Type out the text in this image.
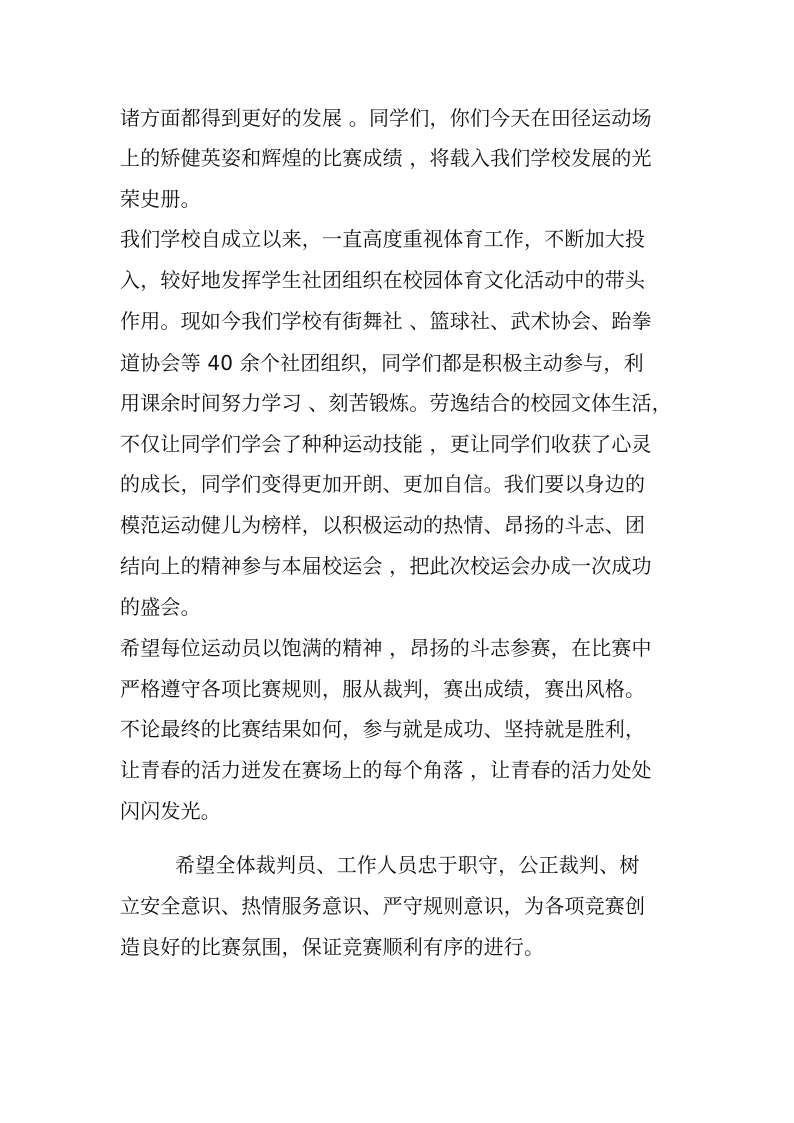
诸方面都得到更好的发展 。同学们，你们今天在田径运动场
上的矫健英姿和辉煌的比赛成绩 ，将载入我们学校发展的光
荣史册。
我们学校自成立以来，一直高度重视体育工作，不断加大投
入，较好地发挥学生社团组织在校园体育文化活动中的带头
作用。现如今我们学校有街舞社 、篮球社、武术协会、跆拳
道协会等 40 余个社团组织，同学们都是积极主动参与，利
用课余时间努力学习 、刻苦锻炼。劳逸结合的校园文体生活，
不仅让同学们学会了种种运动技能 ，更让同学们收获了心灵
的成长，同学们变得更加开朗、更加自信。我们要以身边的
模范运动健儿为榜样，以积极运动的热情、昂扬的斗志、团
结向上的精神参与本届校运会 ，把此次校运会办成一次成功
的盛会。
希望每位运动员以饱满的精神 ，昂扬的斗志参赛，在比赛中
严格遵守各项比赛规则，服从裁判，赛出成绩，赛出风格。
不论最终的比赛结果如何，参与就是成功、坚持就是胜利，
让青春的活力迸发在赛场上的每个角落 ，让青春的活力处处
闪闪发光。
希望全体裁判员、工作人员忠于职守，公正裁判、树
立安全意识、热情服务意识、严守规则意识，为各项竞赛创
造良好的比赛氛围，保证竞赛顺利有序的进行。
